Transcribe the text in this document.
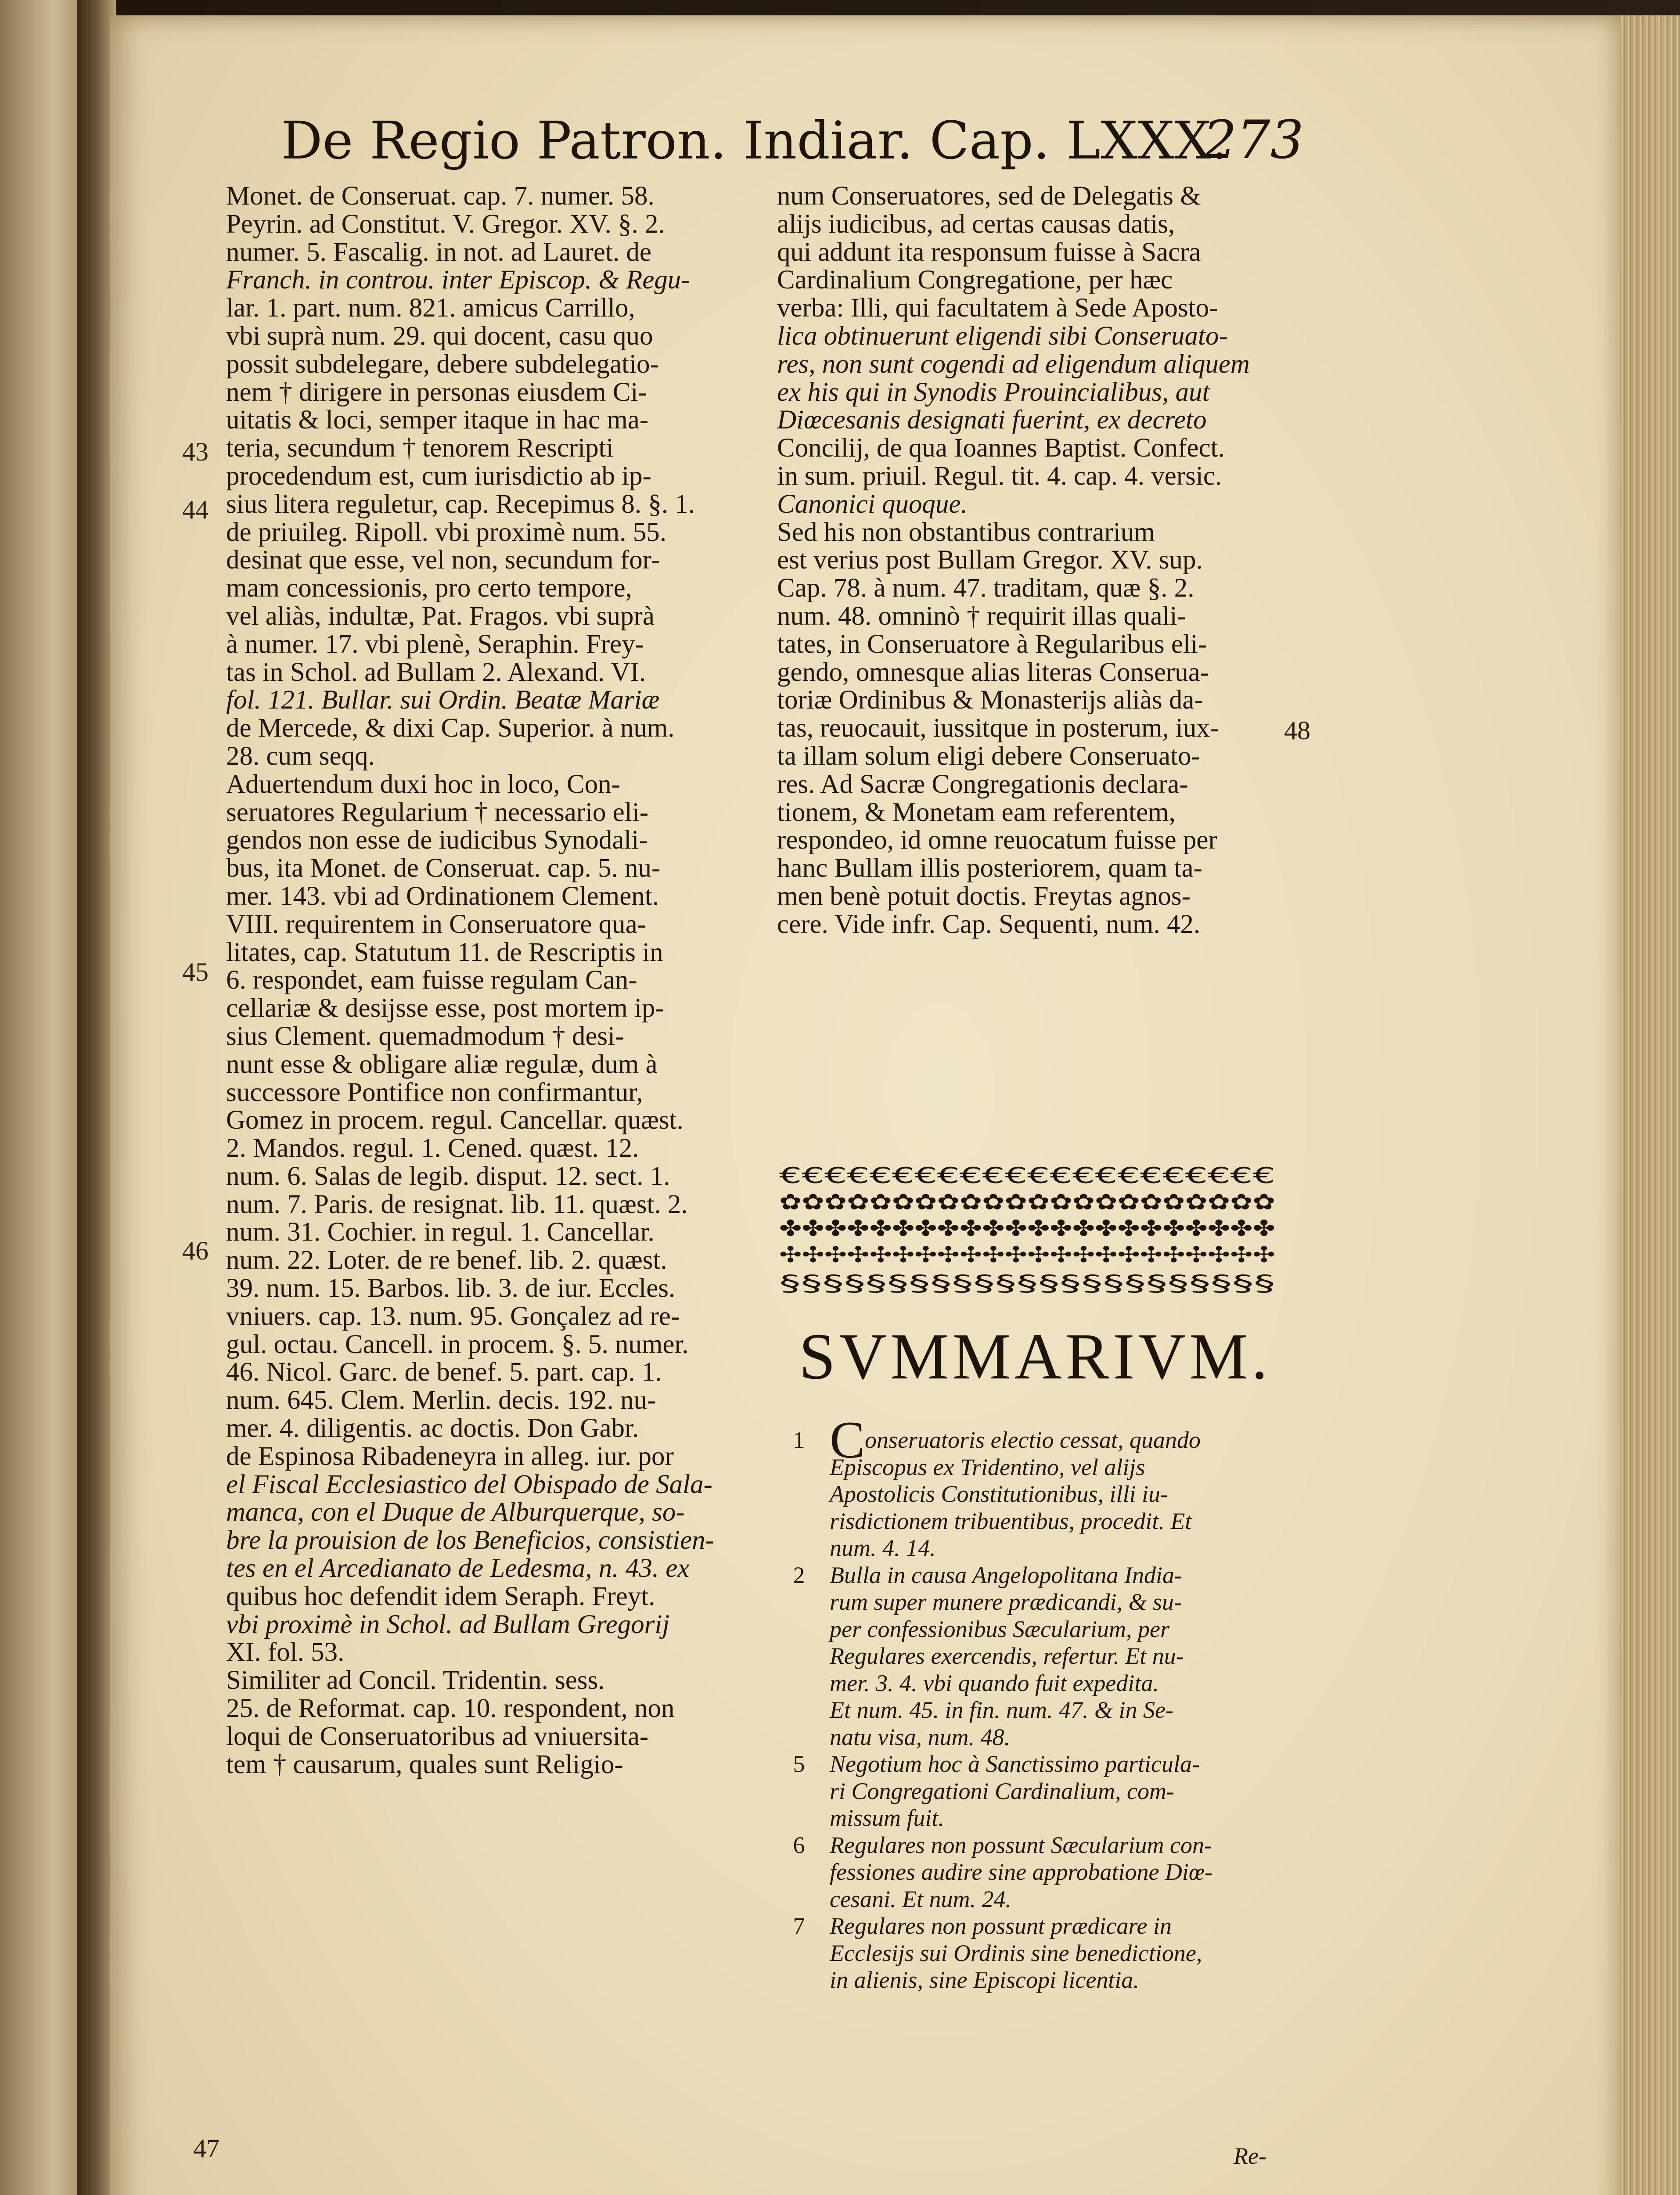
De Regio Patron. Indiar. Cap. LXXX.
273
Monet. de Conseruat. cap. 7. numer. 58.
Peyrin. ad Constitut. V. Gregor. XV. §. 2.
numer. 5. Fascalig. in not. ad Lauret. de
Franch. in controu. inter Episcop. & Regu-
lar. 1. part. num. 821. amicus Carrillo,
vbi suprà num. 29. qui docent, casu quo
possit subdelegare, debere subdelegatio-
nem † dirigere in personas eiusdem Ci-
uitatis & loci, semper itaque in hac ma-
teria, secundum † tenorem Rescripti
procedendum est, cum iurisdictio ab ip-
sius litera reguletur, cap. Recepimus 8. §. 1.
de priuileg. Ripoll. vbi proximè num. 55.
desinat que esse, vel non, secundum for-
mam concessionis, pro certo tempore,
vel aliàs, indultæ, Pat. Fragos. vbi suprà
à numer. 17. vbi plenè, Seraphin. Frey-
tas in Schol. ad Bullam 2. Alexand. VI.
fol. 121. Bullar. sui Ordin. Beatæ Mariæ
de Mercede, & dixi Cap. Superior. à num.
28. cum seqq.
Aduertendum duxi hoc in loco, Con-
seruatores Regularium † necessario eli-
gendos non esse de iudicibus Synodali-
bus, ita Monet. de Conseruat. cap. 5. nu-
mer. 143. vbi ad Ordinationem Clement.
VIII. requirentem in Conseruatore qua-
litates, cap. Statutum 11. de Rescriptis in
6. respondet, eam fuisse regulam Can-
cellariæ & desijsse esse, post mortem ip-
sius Clement. quemadmodum † desi-
nunt esse & obligare aliæ regulæ, dum à
successore Pontifice non confirmantur,
Gomez in procem. regul. Cancellar. quæst.
2. Mandos. regul. 1. Cened. quæst. 12.
num. 6. Salas de legib. disput. 12. sect. 1.
num. 7. Paris. de resignat. lib. 11. quæst. 2.
num. 31. Cochier. in regul. 1. Cancellar.
num. 22. Loter. de re benef. lib. 2. quæst.
39. num. 15. Barbos. lib. 3. de iur. Eccles.
vniuers. cap. 13. num. 95. Gonçalez ad re-
gul. octau. Cancell. in procem. §. 5. numer.
46. Nicol. Garc. de benef. 5. part. cap. 1.
num. 645. Clem. Merlin. decis. 192. nu-
mer. 4. diligentis. ac doctis. Don Gabr.
de Espinosa Ribadeneyra in alleg. iur. por
el Fiscal Ecclesiastico del Obispado de Sala-
manca, con el Duque de Alburquerque, so-
bre la prouision de los Beneficios, consistien-
tes en el Arcedianato de Ledesma, n. 43. ex
quibus hoc defendit idem Seraph. Freyt.
vbi proximè in Schol. ad Bullam Gregorij
XI. fol. 53.
Similiter ad Concil. Tridentin. sess.
25. de Reformat. cap. 10. respondent, non
loqui de Conseruatoribus ad vniuersita-
tem † causarum, quales sunt Religio-
num Conseruatores, sed de Delegatis &
alijs iudicibus, ad certas causas datis,
qui addunt ita responsum fuisse à Sacra
Cardinalium Congregatione, per hæc
verba: Illi, qui facultatem à Sede Aposto-
lica obtinuerunt eligendi sibi Conseruato-
res, non sunt cogendi ad eligendum aliquem
ex his qui in Synodis Prouincialibus, aut
Diœcesanis designati fuerint, ex decreto
Concilij, de qua Ioannes Baptist. Confect.
in sum. priuil. Regul. tit. 4. cap. 4. versic.
Canonici quoque.
Sed his non obstantibus contrarium
est verius post Bullam Gregor. XV. sup.
Cap. 78. à num. 47. traditam, quæ §. 2.
num. 48. omninò † requirit illas quali-
tates, in Conseruatore à Regularibus eli-
gendo, omnesque alias literas Conserua-
toriæ Ordinibus & Monasterijs aliàs da-
tas, reuocauit, iussitque in posterum, iux-
ta illam solum eligi debere Conseruato-
res. Ad Sacræ Congregationis declara-
tionem, & Monetam eam referentem,
respondeo, id omne reuocatum fuisse per
hanc Bullam illis posteriorem, quam ta-
men benè potuit doctis. Freytas agnos-
cere. Vide infr. Cap. Sequenti, num. 42.
43
44
45
46
47
48
€€€€€€€€€€€€€€€€€€€€€€
✿✿✿✿✿✿✿✿✿✿✿✿✿✿✿✿✿✿✿✿✿✿
✤✤✤✤✤✤✤✤✤✤✤✤✤✤✤✤✤✤✤✤✤✤
✣✣✣✣✣✣✣✣✣✣✣✣✣✣✣✣✣✣✣✣✣✣
§§§§§§§§§§§§§§§§§§§§§§§
SVMMARIVM.
1 Conseruatoris electio cessat, quando
Episcopus ex Tridentino, vel alijs
Apostolicis Constitutionibus, illi iu-
risdictionem tribuentibus, procedit. Et
num. 4. 14.
2	Bulla in causa Angelopolitana India-
rum super munere prædicandi, & su-
per confessionibus Sæcularium, per
Regulares exercendis, refertur. Et nu-
mer. 3. 4. vbi quando fuit expedita.
Et num. 45. in fin. num. 47. & in Se-
natu visa, num. 48.
5	Negotium hoc à Sanctissimo particula-
ri Congregationi Cardinalium, com-
missum fuit.
6	Regulares non possunt Sæcularium con-
fessiones audire sine approbatione Diœ-
cesani. Et num. 24.
7	Regulares non possunt prædicare in
Ecclesijs sui Ordinis sine benedictione,
in alienis, sine Episcopi licentia.
Re-
